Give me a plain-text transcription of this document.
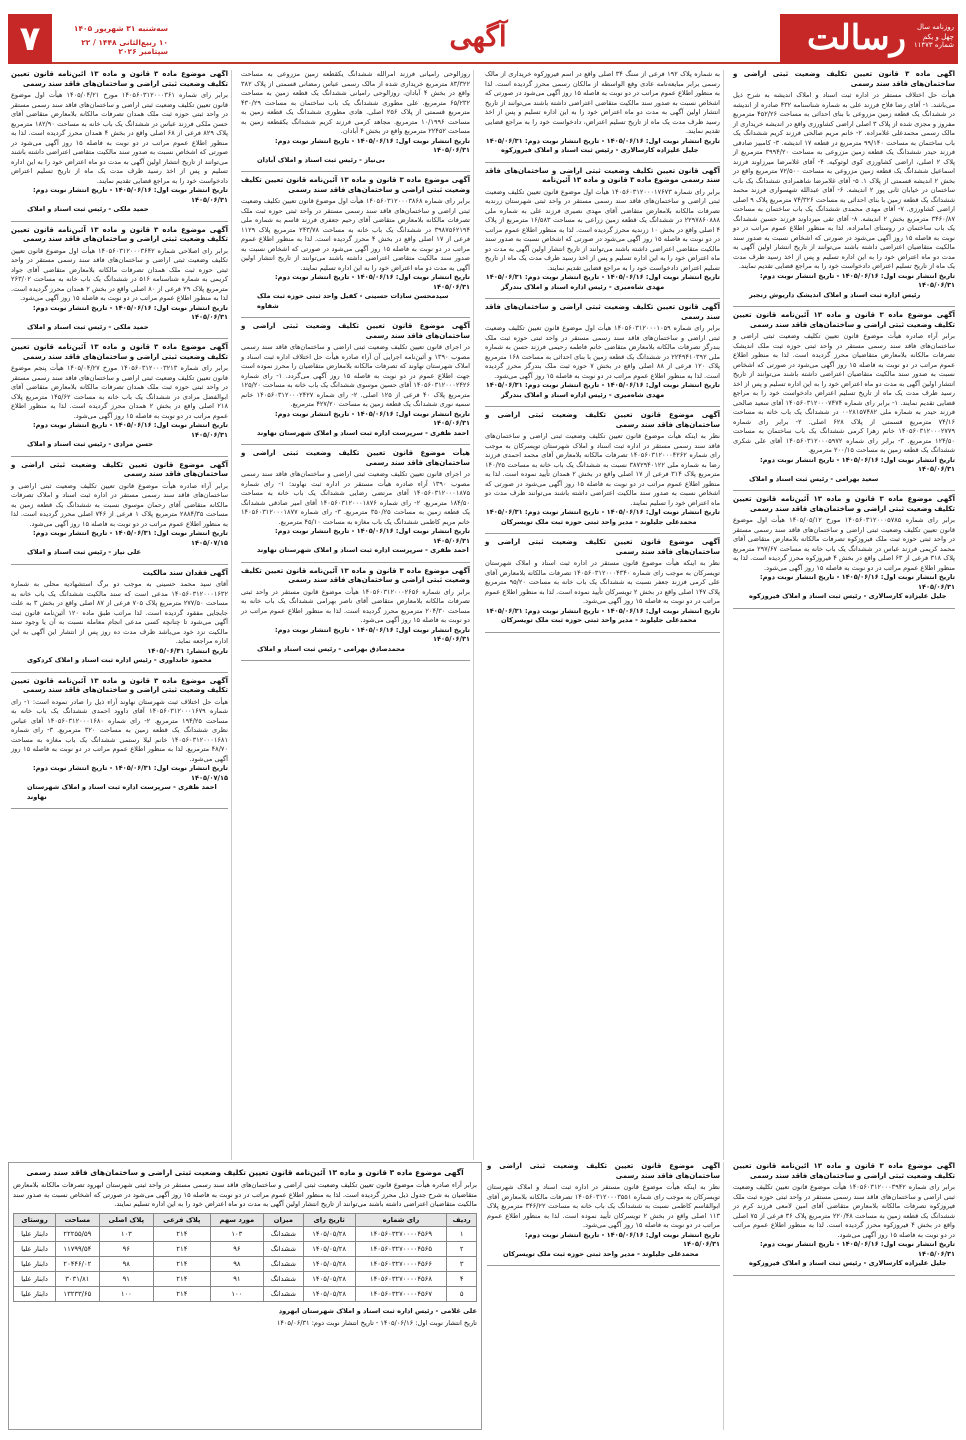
رسالت	روزنامه سال چهل و یکم
شماره ۱۱۴۷۳
آگهی
۷	سه‌شنبه ۳۱ شهریور ۱۴۰۵
۱۰ ربیع‌الثانی ۱۴۴۸ / ۲۲ سپتامبر ۲۰۲۶
آگهی ماده ۳ قانون تعیین تکلیف وضعیت ثبتی اراضی و ساختمان‌های فاقد سند رسمی
هیأت حل اختلاف مستقر در اداره ثبت اسناد و املاک اندیشه به شرح ذیل می‌باشد. ۱- آقای رضا فلاح فرزند علی به شماره شناسنامه ۴۳۲ صادره از اندیشه در ششدانگ یک قطعه زمین مزروعی با بنای احداثی به مساحت ۴۵۲/۲۶ مترمربع مفروز و مجزی شده از پلاک ۳ اصلی اراضی کشاورزی واقع در اندیشه خریداری از مالک رسمی محمدعلی غلامزاده. ۲- خانم مریم صالحی فرزند کریم ششدانگ یک باب ساختمان به مساحت ۹۹/۱۴۰ مترمربع در قطعه ۱۷ اندیشه. ۳- کامبیز صادقی فرزند حیدر ششدانگ یک قطعه زمین مزروعی به مساحت ۳۹۹۴/۲۰ مترمربع از پلاک ۲ اصلی، اراضی کشاورزی کوی لوتوکیه. ۴- آقای غلامرضا میرزاوند فرزند اسماعیل ششدانگ یک قطعه زمین مزروعی به مساحت ۷۲/۵۰۰ مترمربع واقع در بخش ۲ اندیشه قسمتی از پلاک ۱. ۵- آقای غلامرضا شاهمرادی ششدانگ یک باب ساختمان در خیابان ثانی پور ۲ اندیشه. ۶- آقای عبدالله شهسواری فرزند محمد ششدانگ یک قطعه زمین با بنای احداثی به مساحت ۷۴/۳۲۶ مترمربع پلاک ۹ اصلی اراضی کشاورزی. ۷- آقای مهدی محمدی ششدانگ یک باب ساختمان به مساحت ۳۴۶۰/۸۷ مترمربع بخش ۲ اندیشه. ۸- آقای تقی میرداوند فرزند حسین ششدانگ یک باب ساختمان در روستای امامزاده. لذا به منظور اطلاع عموم مراتب در دو نوبت به فاصله ۱۵ روز آگهی می‌شود در صورتی که اشخاص نسبت به صدور سند مالکیت متقاضیان اعتراضی داشته باشند می‌توانند از تاریخ انتشار اولین آگهی به مدت دو ماه اعتراض خود را به این اداره تسلیم و پس از اخذ رسید ظرف مدت یک ماه از تاریخ تسلیم اعتراض دادخواست خود را به مراجع قضایی تقدیم نمایند.
تاریخ انتشار نوبت اول: ۱۴۰۵/۰۶/۱۶ - تاریخ انتشار نوبت دوم: ۱۴۰۵/۰۶/۳۱
رئیس اداره ثبت اسناد و املاک اندیشک داریوش رنجبر
آگهی موضوع ماده ۳ قانون و ماده ۱۳ آئین‌نامه قانون تعیین تکلیف وضعیت ثبتی اراضی و ساختمان‌های فاقد سند رسمی
برابر آراء صادره هیأت موضوع قانون تعیین تکلیف وضعیت ثبتی اراضی و ساختمان‌های فاقد سند رسمی مستقر در واحد ثبتی حوزه ثبت ملک اندیشک تصرفات مالکانه بلامعارض متقاضیان محرز گردیده است. لذا به منظور اطلاع عموم مراتب در دو نوبت به فاصله ۱۵ روز آگهی می‌شود در صورتی که اشخاص نسبت به صدور سند مالکیت متقاضیان اعتراضی داشته باشند می‌توانند از تاریخ انتشار اولین آگهی به مدت دو ماه اعتراض خود را به این اداره تسلیم و پس از اخذ رسید ظرف مدت یک ماه از تاریخ تسلیم اعتراض دادخواست خود را به مراجع قضایی تقدیم نمایند. ۱- برابر رای شماره ۱۴۰۵۶۰۳۱۲۰۰۰۷۴۷۴ آقای سعید صالحی فرزند حیدر به شماره ملی ۰۰۲۸۱۵۷۴۸۲ در ششدانگ یک باب خانه به مساحت ۷۴/۱۶ مترمربع قسمتی از پلاک ۶۲۸ اصلی. ۲- برابر رای شماره ۱۴۰۵۶۰۳۱۲۰۰۰۲۷۷۹ خانم زهرا کرمی ششدانگ یک باب ساختمان به مساحت ۱۲۴/۵۰ مترمربع. ۳- برابر رای شماره ۱۴۰۵۶۰۳۱۲۰۰۰۵۹۷۲ آقای علی شکری ششدانگ یک قطعه زمین به مساحت ۲۰۰/۱۵ مترمربع.
تاریخ انتشار نوبت اول: ۱۴۰۵/۰۶/۱۶ - تاریخ انتشار نوبت دوم: ۱۴۰۵/۰۶/۳۱
سعید بهرامی - رئیس ثبت اسناد و املاک
آگهی موضوع ماده ۳ قانون و ماده ۱۳ آئین‌نامه قانون تعیین تکلیف وضعیت ثبتی اراضی و ساختمان‌های فاقد سند رسمی
برابر رای شماره ۱۴۰۵۶۰۳۱۲۰۰۰۵۷۸۵ مورخ ۱۴۰۵/۰۵/۱۲ هیأت اول موضوع قانون تعیین تکلیف وضعیت ثبتی اراضی و ساختمان‌های فاقد سند رسمی مستقر در واحد ثبتی حوزه ثبت ملک فیروزکوه تصرفات مالکانه بلامعارض متقاضی آقای محمد کریمی فرزند عباس در ششدانگ یک باب خانه به مساحت ۲۹۷/۶۷ مترمربع پلاک ۳۱۸ فرعی از ۶۳ اصلی واقع در بخش ۴ فیروزکوه محرز گردیده است. لذا به منظور اطلاع عموم مراتب در دو نوبت به فاصله ۱۵ روز آگهی می‌شود.
تاریخ انتشار نوبت اول: ۱۴۰۵/۰۶/۱۶ - تاریخ انتشار نوبت دوم: ۱۴۰۵/۰۶/۳۱
جلیل علیزاده کارسالاری - رئیس ثبت اسناد و املاک فیروزکوه
به شماره پلاک ۱۹۲ فرعی از سنگ ۳۴ اصلی واقع در اسم فیروزکوه خریداری از مالک رسمی برابر مبایعه‌نامه عادی وقع الواسطه از مالکان رسمی محرز گردیده است. لذا به منظور اطلاع عموم مراتب در دو نوبت به فاصله ۱۵ روز آگهی می‌شود در صورتی که اشخاص نسبت به صدور سند مالکیت متقاضی اعتراضی داشته باشند می‌توانند از تاریخ انتشار اولین آگهی به مدت دو ماه اعتراض خود را به این اداره تسلیم و پس از اخذ رسید ظرف مدت یک ماه از تاریخ تسلیم اعتراض، دادخواست خود را به مراجع قضایی تقدیم نمایند.
تاریخ انتشار نوبت اول: ۱۴۰۵/۰۶/۱۶ - تاریخ انتشار نوبت دوم: ۱۴۰۵/۰۶/۳۱
جلیل علیزاده کارسالاری - رئیس ثبت اسناد و املاک فیروزکوه
آگهی قانون تعیین تکلیف وضعیت ثبتی اراضی و ساختمان‌های فاقد سند رسمی موضوع ماده ۳ قانون و ماده ۱۳ آئین‌نامه
برابر رای شماره ۱۴۰۵۶۰۳۱۲۰۰۰۱۷۶۷۳ هیأت اول موضوع قانون تعیین تکلیف وضعیت ثبتی اراضی و ساختمان‌های فاقد سند رسمی مستقر در واحد ثبتی شهرستان زرندیه تصرفات مالکانه بلامعارض متقاضی آقای مهدی نصیری فرزند علی به شماره ملی ۲۲۹۷۸۶۰۸۸۸ در ششدانگ یک قطعه زمین زراعی به مساحت ۱۶/۵۸۳ مترمربع از پلاک ۴ اصلی واقع در بخش ۱۰ زرندیه محرز گردیده است. لذا به منظور اطلاع عموم مراتب در دو نوبت به فاصله ۱۵ روز آگهی می‌شود در صورتی که اشخاص نسبت به صدور سند مالکیت متقاضی اعتراضی داشته باشند می‌توانند از تاریخ انتشار اولین آگهی به مدت دو ماه اعتراض خود را به این اداره تسلیم و پس از اخذ رسید ظرف مدت یک ماه از تاریخ تسلیم اعتراض دادخواست خود را به مراجع قضایی تقدیم نمایند.
تاریخ انتشار نوبت اول: ۱۴۰۵/۰۶/۱۶ - تاریخ انتشار نوبت دوم: ۱۴۰۵/۰۶/۳۱
مهدی شاه‌میری - رئیس اداره اسناد و املاک بندرگز
آگهی قانون تعیین تکلیف وضعیت ثبتی اراضی و ساختمان‌های فاقد سند رسمی
برابر رای شماره ۱۴۰۵۶۰۳۱۲۰۰۰۱۰۵۹ هیأت اول موضوع قانون تعیین تکلیف وضعیت ثبتی اراضی و ساختمان‌های فاقد سند رسمی مستقر در واحد ثبتی حوزه ثبت ملک بندرگز تصرفات مالکانه بلامعارض متقاضی خانم فاطمه رحیمی فرزند حسن به شماره ملی ۲۲۴۹۴۱۰۳۹۲ در ششدانگ یک قطعه زمین با بنای احداثی به مساحت ۱۶۸ مترمربع پلاک ۱۲۰ فرعی از ۸۸ اصلی واقع در بخش ۷ حوزه ثبت ملک بندرگز محرز گردیده است. لذا به منظور اطلاع عموم مراتب در دو نوبت به فاصله ۱۵ روز آگهی می‌شود.
تاریخ انتشار نوبت اول: ۱۴۰۵/۰۶/۱۶ - تاریخ انتشار نوبت دوم: ۱۴۰۵/۰۶/۳۱
مهدی شاه‌میری - رئیس اداره اسناد و املاک بندرگز
آگهی موضوع قانون تعیین تکلیف وضعیت ثبتی اراضی و ساختمان‌های فاقد سند رسمی
نظر به اینکه هیأت موضوع قانون تعیین تکلیف وضعیت ثبتی اراضی و ساختمان‌های فاقد سند رسمی مستقر در اداره ثبت اسناد و املاک شهرستان تویسرکان به موجب رای شماره ۱۴۰۵۶۰۳۱۲۰۰۰۴۲۶۲ تصرفات مالکانه بلامعارض آقای محمد احمدی فرزند رضا به شماره ملی ۳۸۷۲۹۴۰۱۲۲ نسبت به ششدانگ یک باب خانه به مساحت ۱۴۰/۲۵ مترمربع پلاک ۳۱۴ فرعی از ۱۷ اصلی واقع در بخش ۲ همدان تأیید نموده است. لذا به منظور اطلاع عموم مراتب در دو نوبت به فاصله ۱۵ روز آگهی می‌شود در صورتی که اشخاص نسبت به صدور سند مالکیت اعتراضی داشته باشند می‌توانند ظرف مدت دو ماه اعتراض خود را تسلیم نمایند.
تاریخ انتشار نوبت اول: ۱۴۰۵/۰۶/۱۶ - تاریخ انتشار نوبت دوم: ۱۴۰۵/۰۶/۳۱
محمدعلی جلیلوند - مدیر واحد ثبتی حوزه ثبت ملک تویسرکان
آگهی موضوع قانون تعیین تکلیف وضعیت ثبتی اراضی و ساختمان‌های فاقد سند رسمی
نظر به اینکه هیأت موضوع قانون مستقر در اداره ثبت اسناد و املاک شهرستان تویسرکان به موجب رای شماره ۱۴۰۵۶۰۳۱۲۰۰۰۴۳۴۰ تصرفات مالکانه بلامعارض آقای علی کرمی فرزند جعفر نسبت به ششدانگ یک باب خانه به مساحت ۹۵/۲۰ مترمربع پلاک ۱۴۷ اصلی واقع در بخش ۲ تویسرکان تأیید نموده است. لذا به منظور اطلاع عموم مراتب در دو نوبت به فاصله ۱۵ روز آگهی می‌شود.
تاریخ انتشار نوبت اول: ۱۴۰۵/۰۶/۱۶ - تاریخ انتشار نوبت دوم: ۱۴۰۵/۰۶/۳۱
محمدعلی جلیلوند - مدیر واحد ثبتی حوزه ثبت ملک تویسرکان
روزالوحی رامیانی فرزند امرالله ششدانگ یکقطعه زمین مزروعی به مساحت ۸۳/۳۲۲ مترمربع خریداری شده از مالک رسمی عباس رمضانی قسمتی از پلاک ۳۸۲ واقع در بخش ۴ آبادان. روزالوحی رامیانی ششدانگ یک قطعه زمین به مساحت ۶۵/۲۳۲ مترمربع. علی مطوری ششدانگ یک باب ساختمان به مساحت ۴۳۰/۲۹ مترمربع قسمتی از پلاک ۲۵۶ اصلی. هادی مطوری ششدانگ یک قطعه زمین به مساحت ۱۰/۱۹۹۶ مترمربع. مجاهد کرمی فرزند کریم ششدانگ یکقطعه زمین به مساحت ۲۲۴۵۲ مترمربع واقع در بخش ۴ آبادان.
تاریخ انتشار نوبت اول: ۱۴۰۵/۰۶/۱۶ - تاریخ انتشار نوبت دوم: ۱۴۰۵/۰۶/۳۱
بی‌نیاز - رئیس ثبت اسناد و املاک آبادان
آگهی موضوع ماده ۳ قانون و ماده ۱۳ آئین‌نامه قانون تعیین تکلیف وضعیت ثبتی اراضی و ساختمان‌های فاقد سند رسمی
برابر رای شماره ۱۴۰۵۶۰۳۱۲۰۰۰۳۸۶۸ هیأت اول موضوع قانون تعیین تکلیف وضعیت ثبتی اراضی و ساختمان‌های فاقد سند رسمی مستقر در واحد ثبتی حوزه ثبت ملک تصرفات مالکانه بلامعارض متقاضی آقای رحیم جعفری فرزند قاسم به شماره ملی ۳۹۸۷۵۶۲۱۹۴ در ششدانگ یک باب خانه به مساحت ۲۴۳/۷۸ مترمربع پلاک ۱۱۲۹ فرعی از ۱۷ اصلی واقع در بخش ۴ محرز گردیده است. لذا به منظور اطلاع عموم مراتب در دو نوبت به فاصله ۱۵ روز آگهی می‌شود در صورتی که اشخاص نسبت به صدور سند مالکیت متقاضی اعتراضی داشته باشند می‌توانند از تاریخ انتشار اولین آگهی به مدت دو ماه اعتراض خود را به این اداره تسلیم نمایند.
تاریخ انتشار نوبت اول: ۱۴۰۵/۰۶/۱۶ - تاریخ انتشار نوبت دوم: ۱۴۰۵/۰۶/۳۱
سیدمحسن سادات حسینی - کفیل واحد ثبتی حوزه ثبت ملک شفاوه
آگهی موضوع قانون تعیین تکلیف وضعیت ثبتی اراضی و ساختمان‌های فاقد سند رسمی
در اجرای قانون تعیین تکلیف وضعیت ثبتی اراضی و ساختمان‌های فاقد سند رسمی مصوب ۱۳۹۰ و آئین‌نامه اجرایی آن آراء صادره هیأت حل اختلاف اداره ثبت اسناد و املاک شهرستان نهاوند که تصرفات مالکانه بلامعارض متقاضیان را محرز نموده است جهت اطلاع عموم در دو نوبت به فاصله ۱۵ روز آگهی می‌گردد. ۱- رای شماره ۱۴۰۵۶۰۳۱۲۰۰۰۲۴۲۶ آقای حسین موسوی ششدانگ یک باب خانه به مساحت ۱۲۵/۲۰ مترمربع پلاک ۴۰ فرعی از ۱۲۵ اصلی. ۲- رای شماره ۱۴۰۵۶۰۳۱۲۰۰۰۲۴۲۷ خانم سمیه نوری ششدانگ یک قطعه زمین به مساحت ۴۲۷/۲۰ مترمربع.
تاریخ انتشار نوبت اول: ۱۴۰۵/۰۶/۱۶ - تاریخ انتشار نوبت دوم: ۱۴۰۵/۰۶/۳۱
احمد ظفری - سرپرست اداره ثبت اسناد و املاک شهرستان نهاوند
هیأت موضوع قانون تعیین تکلیف وضعیت ثبتی اراضی و ساختمان‌های فاقد سند رسمی
در اجرای قانون تعیین تکلیف وضعیت ثبتی اراضی و ساختمان‌های فاقد سند رسمی مصوب ۱۳۹۰ آراء صادره هیأت مستقر در اداره ثبت نهاوند: ۱- رای شماره ۱۴۰۵۶۰۳۱۲۰۰۰۱۸۷۵ آقای مرتضی رضایی ششدانگ یک باب خانه به مساحت ۱۸۴/۵۰ مترمربع. ۲- رای شماره ۱۴۰۵۶۰۳۱۲۰۰۰۱۸۷۶ آقای امیر صادقی ششدانگ یک قطعه زمین به مساحت ۳۵۰/۲۵ مترمربع. ۳- رای شماره ۱۴۰۵۶۰۳۱۲۰۰۰۱۸۷۷ خانم مریم کاظمی ششدانگ یک باب مغازه به مساحت ۴۵/۱۰ مترمربع.
تاریخ انتشار نوبت اول: ۱۴۰۵/۰۶/۱۶ - تاریخ انتشار نوبت دوم: ۱۴۰۵/۰۶/۳۱
احمد ظفری - سرپرست اداره ثبت اسناد و املاک شهرستان نهاوند
آگهی موضوع ماده ۳ قانون و ماده ۱۳ آئین‌نامه قانون تعیین تکلیف وضعیت ثبتی اراضی و ساختمان‌های فاقد سند رسمی
برابر رای شماره ۱۴۰۵۶۰۳۱۲۰۰۰۲۶۵۶ هیأت موضوع قانون مستقر در واحد ثبتی تصرفات مالکانه بلامعارض متقاضی آقای ناصر بهرامی ششدانگ یک باب خانه به مساحت ۲۰۴/۳۰ مترمربع محرز گردیده است. لذا به منظور اطلاع عموم مراتب در دو نوبت به فاصله ۱۵ روز آگهی می‌شود.
تاریخ انتشار نوبت اول: ۱۴۰۵/۰۶/۱۶ - تاریخ انتشار نوبت دوم: ۱۴۰۵/۰۶/۳۱
محمدصادق بهرامی - رئیس ثبت اسناد و املاک
آگهی موضوع ماده ۳ قانون و ماده ۱۳ آئین‌نامه قانون تعیین تکلیف وضعیت ثبتی اراضی و ساختمان‌های فاقد سند رسمی
برابر رای شماره ۱۴۰۵۶۰۳۱۲۰۰۰۳۶۱ مورخ ۱۴۰۵/۰۴/۲۱ هیأت اول موضوع قانون تعیین تکلیف وضعیت ثبتی اراضی و ساختمان‌های فاقد سند رسمی مستقر در واحد ثبتی حوزه ثبت ملک همدان تصرفات مالکانه بلامعارض متقاضی آقای حسن ملکی فرزند عباس در ششدانگ یک باب خانه به مساحت ۱۸۲/۹۰ مترمربع پلاک ۸۲۹ فرعی از ۶۸ اصلی واقع در بخش ۴ همدان محرز گردیده است. لذا به منظور اطلاع عموم مراتب در دو نوبت به فاصله ۱۵ روز آگهی می‌شود در صورتی که اشخاص نسبت به صدور سند مالکیت متقاضی اعتراضی داشته باشند می‌توانند از تاریخ انتشار اولین آگهی به مدت دو ماه اعتراض خود را به این اداره تسلیم و پس از اخذ رسید ظرف مدت یک ماه از تاریخ تسلیم اعتراض دادخواست خود را به مراجع قضایی تقدیم نمایند.
تاریخ انتشار نوبت اول: ۱۴۰۵/۰۶/۱۶ - تاریخ انتشار نوبت دوم: ۱۴۰۵/۰۶/۳۱
حمید ملکی - رئیس ثبت اسناد و املاک
آگهی موضوع ماده ۳ قانون و ماده ۱۳ آئین‌نامه قانون تعیین تکلیف وضعیت ثبتی اراضی و ساختمان‌های فاقد سند رسمی
برابر رای اصلاحی شماره ۱۴۰۵۶۰۳۱۲۰۰۰۳۶۴۲ هیأت اول موضوع قانون تعیین تکلیف وضعیت ثبتی اراضی و ساختمان‌های فاقد سند رسمی مستقر در واحد ثبتی حوزه ثبت ملک همدان تصرفات مالکانه بلامعارض متقاضی آقای جواد کریمی به شماره شناسنامه ۵۱۶ در ششدانگ یک باب خانه به مساحت ۲۶۳/۰۲ مترمربع پلاک ۲۹ فرعی از ۸۰ اصلی واقع در بخش ۲ همدان محرز گردیده است. لذا به منظور اطلاع عموم مراتب در دو نوبت به فاصله ۱۵ روز آگهی می‌شود.
تاریخ انتشار نوبت اول: ۱۴۰۵/۰۶/۱۶ - تاریخ انتشار نوبت دوم: ۱۴۰۵/۰۶/۳۱
حمید ملکی - رئیس ثبت اسناد و املاک
آگهی موضوع ماده ۳ قانون و ماده ۱۳ آئین‌نامه قانون تعیین تکلیف وضعیت ثبتی اراضی و ساختمان‌های فاقد سند رسمی
برابر رای شماره ۱۴۰۵۶۰۳۱۲۰۰۰۳۲۱۳ مورخ ۱۴۰۵/۰۴/۲۷ هیأت پنجم موضوع قانون تعیین تکلیف وضعیت ثبتی اراضی و ساختمان‌های فاقد سند رسمی مستقر در واحد ثبتی حوزه ثبت ملک همدان تصرفات مالکانه بلامعارض متقاضی آقای ابوالفضل مرادی در ششدانگ یک باب خانه به مساحت ۱۴۵/۶۲ مترمربع پلاک ۲۱۸ اصلی واقع در بخش ۲ همدان محرز گردیده است. لذا به منظور اطلاع عموم مراتب در دو نوبت به فاصله ۱۵ روز آگهی می‌شود.
تاریخ انتشار نوبت اول: ۱۴۰۵/۰۶/۱۶ - تاریخ انتشار نوبت دوم: ۱۴۰۵/۰۶/۳۱
حسن مرادی - رئیس ثبت اسناد و املاک
آگهی موضوع قانون تعیین تکلیف وضعیت ثبتی اراضی و ساختمان‌های فاقد سند رسمی
برابر آراء صادره هیأت موضوع قانون تعیین تکلیف وضعیت ثبتی اراضی و ساختمان‌های فاقد سند رسمی مستقر در اداره ثبت اسناد و املاک تصرفات مالکانه متقاضی آقای رحمان موسوی نسبت به ششدانگ یک قطعه زمین به مساحت ۲۸۸۴/۳۵ مترمربع پلاک ۱ فرعی از ۷۴۶ اصلی محرز گردیده است. لذا به منظور اطلاع عموم مراتب در دو نوبت به فاصله ۱۵ روز آگهی می‌شود.
تاریخ انتشار نوبت اول: ۱۴۰۵/۰۶/۳۱ - تاریخ انتشار نوبت دوم: ۱۴۰۵/۰۷/۱۵
علی نیاز - رئیس ثبت اسناد و املاک
آگهی فقدان سند مالکیت
آقای سید محمد حسینی به موجب دو برگ استشهادیه محلی به شماره ۱۴۰۵۶۰۳۱۲۰۰۰۱۶۳۲ مدعی است که سند مالکیت ششدانگ یک باب خانه به مساحت ۲۷۷/۵۰ مترمربع پلاک ۷۰۵ فرعی از ۸۷ اصلی واقع در بخش ۳ به علت جابجایی مفقود گردیده است. لذا مراتب طبق ماده ۱۲۰ آئین‌نامه قانون ثبت آگهی می‌شود تا چنانچه کسی مدعی انجام معامله نسبت به آن یا وجود سند مالکیت نزد خود می‌باشد ظرف مدت ده روز پس از انتشار این آگهی به این اداره مراجعه نماید.
تاریخ انتشار: ۱۴۰۵/۰۶/۳۱
محمود خانداوری - رئیس اداره ثبت اسناد و املاک کردکوی
آگهی موضوع ماده ۳ قانون و ماده ۱۳ آئین‌نامه قانون تعیین تکلیف وضعیت ثبتی اراضی و ساختمان‌های فاقد سند رسمی
هیأت حل اختلاف ثبت شهرستان نهاوند آراء ذیل را صادر نموده است: ۱- رای شماره ۱۴۰۵۶۰۳۱۲۰۰۰۱۶۷۹ آقای داوود احمدی ششدانگ یک باب خانه به مساحت ۱۹۴/۲۵ مترمربع. ۲- رای شماره ۱۴۰۵۶۰۳۱۲۰۰۰۱۶۸۰ آقای عباس نظری ششدانگ یک قطعه زمین به مساحت ۳۲۰ مترمربع. ۳- رای شماره ۱۴۰۵۶۰۳۱۲۰۰۰۱۶۸۱ خانم لیلا رستمی ششدانگ یک باب مغازه به مساحت ۴۸/۷۰ مترمربع. لذا به منظور اطلاع عموم مراتب در دو نوبت به فاصله ۱۵ روز آگهی می‌شود.
تاریخ انتشار نوبت اول: ۱۴۰۵/۰۶/۳۱ - تاریخ انتشار نوبت دوم: ۱۴۰۵/۰۷/۱۵
احمد ظفری - سرپرست اداره ثبت اسناد و املاک شهرستان نهاوند
آگهی موضوع ماده ۳ قانون و ماده ۱۳ آئین‌نامه قانون تعیین تکلیف وضعیت ثبتی اراضی و ساختمان‌های فاقد سند رسمی
برابر رای شماره ۱۴۰۵۶۰۳۱۲۰۰۰۳۹۴۲ هیأت موضوع قانون تعیین تکلیف وضعیت ثبتی اراضی و ساختمان‌های فاقد سند رسمی مستقر در واحد ثبتی حوزه ثبت ملک فیروزکوه تصرفات مالکانه بلامعارض متقاضی آقای امین لامعی فرزند کرم در ششدانگ یک قطعه زمین به مساحت ۲۲۰/۴۸ مترمربع پلاک ۳۶ فرعی از ۷۵ اصلی واقع در بخش ۴ فیروزکوه محرز گردیده است. لذا به منظور اطلاع عموم مراتب در دو نوبت به فاصله ۱۵ روز آگهی می‌شود.
تاریخ انتشار نوبت اول: ۱۴۰۵/۰۶/۱۶ - تاریخ انتشار نوبت دوم: ۱۴۰۵/۰۶/۳۱
جلیل علیزاده کارسالاری - رئیس ثبت اسناد و املاک فیروزکوه
آگهی موضوع قانون تعیین تکلیف وضعیت ثبتی اراضی و ساختمان‌های فاقد سند رسمی
نظر به اینکه هیأت موضوع قانون مستقر در اداره ثبت اسناد و املاک شهرستان تویسرکان به موجب رای شماره ۱۴۰۵۶۰۳۱۲۰۰۰۳۵۵۱ تصرفات مالکانه بلامعارض آقای ابوالقاسم کاظمی نسبت به ششدانگ یک باب خانه به مساحت ۳۴۶/۲۲ مترمربع پلاک ۱۱۳ اصلی واقع در بخش ۲ تویسرکان تأیید نموده است. لذا به منظور اطلاع عموم مراتب در دو نوبت به فاصله ۱۵ روز آگهی می‌شود.
تاریخ انتشار نوبت اول: ۱۴۰۵/۰۶/۱۶ - تاریخ انتشار نوبت دوم: ۱۴۰۵/۰۶/۳۱
محمدعلی جلیلوند - مدیر واحد ثبتی حوزه ثبت ملک تویسرکان
آگهی موضوع ماده ۳ قانون و ماده ۱۳ آئین‌نامه قانون تعیین تکلیف وضعیت ثبتی اراضی و ساختمان‌های فاقد سند رسمی
برابر آراء صادره هیأت موضوع قانون تعیین تکلیف وضعیت ثبتی اراضی و ساختمان‌های فاقد سند رسمی مستقر در واحد ثبتی شهرستان ابهرود تصرفات مالکانه بلامعارض متقاضیان به شرح جدول ذیل محرز گردیده است. لذا به منظور اطلاع عموم مراتب در دو نوبت به فاصله ۱۵ روز آگهی می‌شود در صورتی که اشخاص نسبت به صدور سند مالکیت متقاضیان اعتراضی داشته باشند می‌توانند از تاریخ انتشار اولین آگهی به مدت دو ماه اعتراض خود را به این اداره تسلیم نمایند.
ردیف	رای شماره	تاریخ رای	میزان	مورد سهم	پلاک فرعی	پلاک اصلی	مساحت	روستای
۱	۱۴۰۵۶۰۳۲۷۰۰۰۰۴۵۶۹	۱۴۰۵/۰۵/۲۸	ششدانگ	۱۰۳	۲۱۴	۱۰۳	۲۲۲۵۵/۵۹	دابنار علیا
۲	۱۴۰۵۶۰۳۲۷۰۰۰۰۴۵۶۵	۱۴۰۵/۰۵/۲۸	ششدانگ	۹۶	۲۱۴	۹۶	۱۱۷۹۹/۵۴	دابنار علیا
۳	۱۴۰۵۶۰۳۲۷۰۰۰۰۴۵۶۶	۱۴۰۵/۰۵/۲۸	ششدانگ	۹۸	۲۱۴	۹۸	۲۰۴۴۶/۰۲	دابنار علیا
۴	۱۴۰۵۶۰۳۲۷۰۰۰۰۴۵۶۸	۱۴۰۵/۰۵/۲۸	ششدانگ	۹۱	۲۱۴	۹۱	۳۰۳۱/۸۱	دابنار علیا
۵	۱۴۰۵۶۰۳۲۷۰۰۰۰۴۵۶۷	۱۴۰۵/۰۵/۲۸	ششدانگ	۱۰۰	۲۱۴	۱۰۰	۱۳۲۳۳/۶۵	دابنار علیا
علی غلامی - رئیس اداره ثبت اسناد و املاک شهرستان ابهرود
تاریخ انتشار نوبت اول: ۱۴۰۵/۰۶/۱۶ - تاریخ انتشار نوبت دوم: ۱۴۰۵/۰۶/۳۱
